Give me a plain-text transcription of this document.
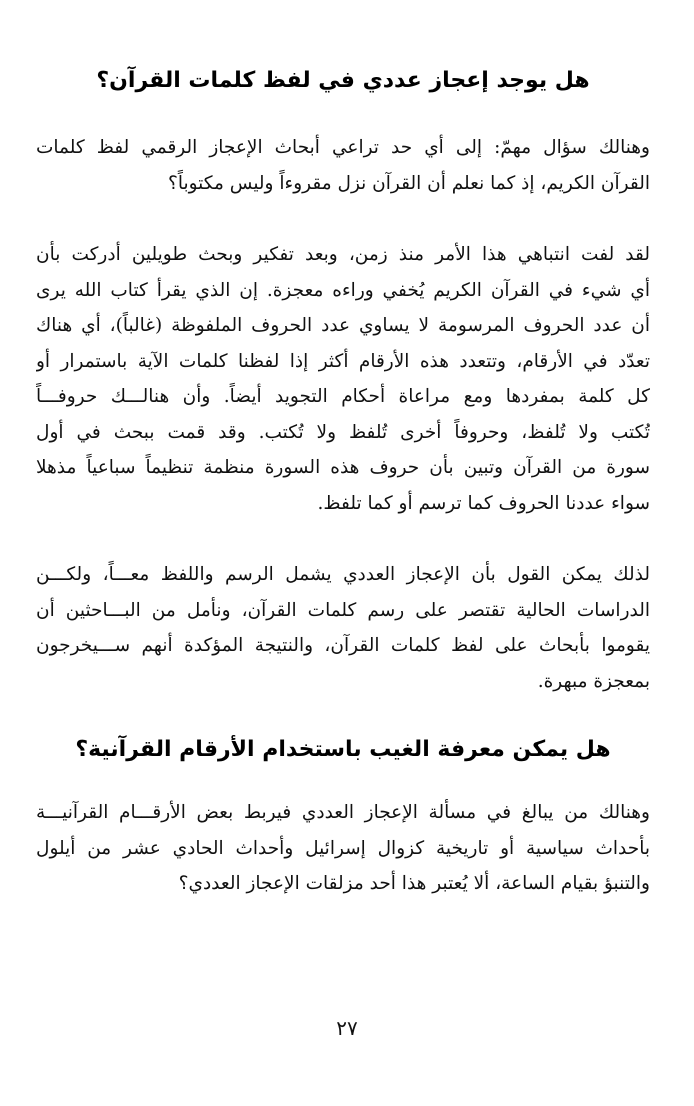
هل يوجد إعجاز عددي في لفظ كلمات القرآن؟
وهنالك سؤال مهمّ: إلى أي حد تراعي أبحاث الإعجاز الرقمي لفظ كلمات
القرآن الكريم، إذ كما نعلم أن القرآن نزل مقروءاً وليس مكتوباً؟
لقد لفت انتباهي هذا الأمر منذ زمن، وبعد تفكير وبحث طويلين أدركت بأن
أي شيء في القرآن الكريم يُخفي وراءه معجزة. إن الذي يقرأ كتاب الله يرى
أن عدد الحروف المرسومة لا يساوي عدد الحروف الملفوظة (غالباً)، أي هناك
تعدّد في الأرقام، وتتعدد هذه الأرقام أكثر إذا لفظنا كلمات الآية باستمرار أو
كل كلمة بمفردها ومع مراعاة أحكام التجويد أيضاً. وأن هنالـــك حروفـــاً
تُكتب ولا تُلفظ، وحروفاً أخرى تُلفظ ولا تُكتب. وقد قمت ببحث في أول
سورة من القرآن وتبين بأن حروف هذه السورة منظمة تنظيماً سباعياً مذهلا
سواء عددنا الحروف كما ترسم أو كما تلفظ.
لذلك يمكن القول بأن الإعجاز العددي يشمل الرسم واللفظ معـــاً، ولكـــن
الدراسات الحالية تقتصر على رسم كلمات القرآن، ونأمل من البـــاحثين أن
يقوموا بأبحاث على لفظ كلمات القرآن، والنتيجة المؤكدة أنهم ســـيخرجون
بمعجزة مبهرة.
هل يمكن معرفة الغيب باستخدام الأرقام القرآنية؟
وهنالك من يبالغ في مسألة الإعجاز العددي فيربط بعض الأرقـــام القرآنيـــة
بأحداث سياسية أو تاريخية كزوال إسرائيل وأحداث الحادي عشر من أيلول
والتنبؤ بقيام الساعة، ألا يُعتبر هذا أحد مزلقات الإعجاز العددي؟
٢٧
